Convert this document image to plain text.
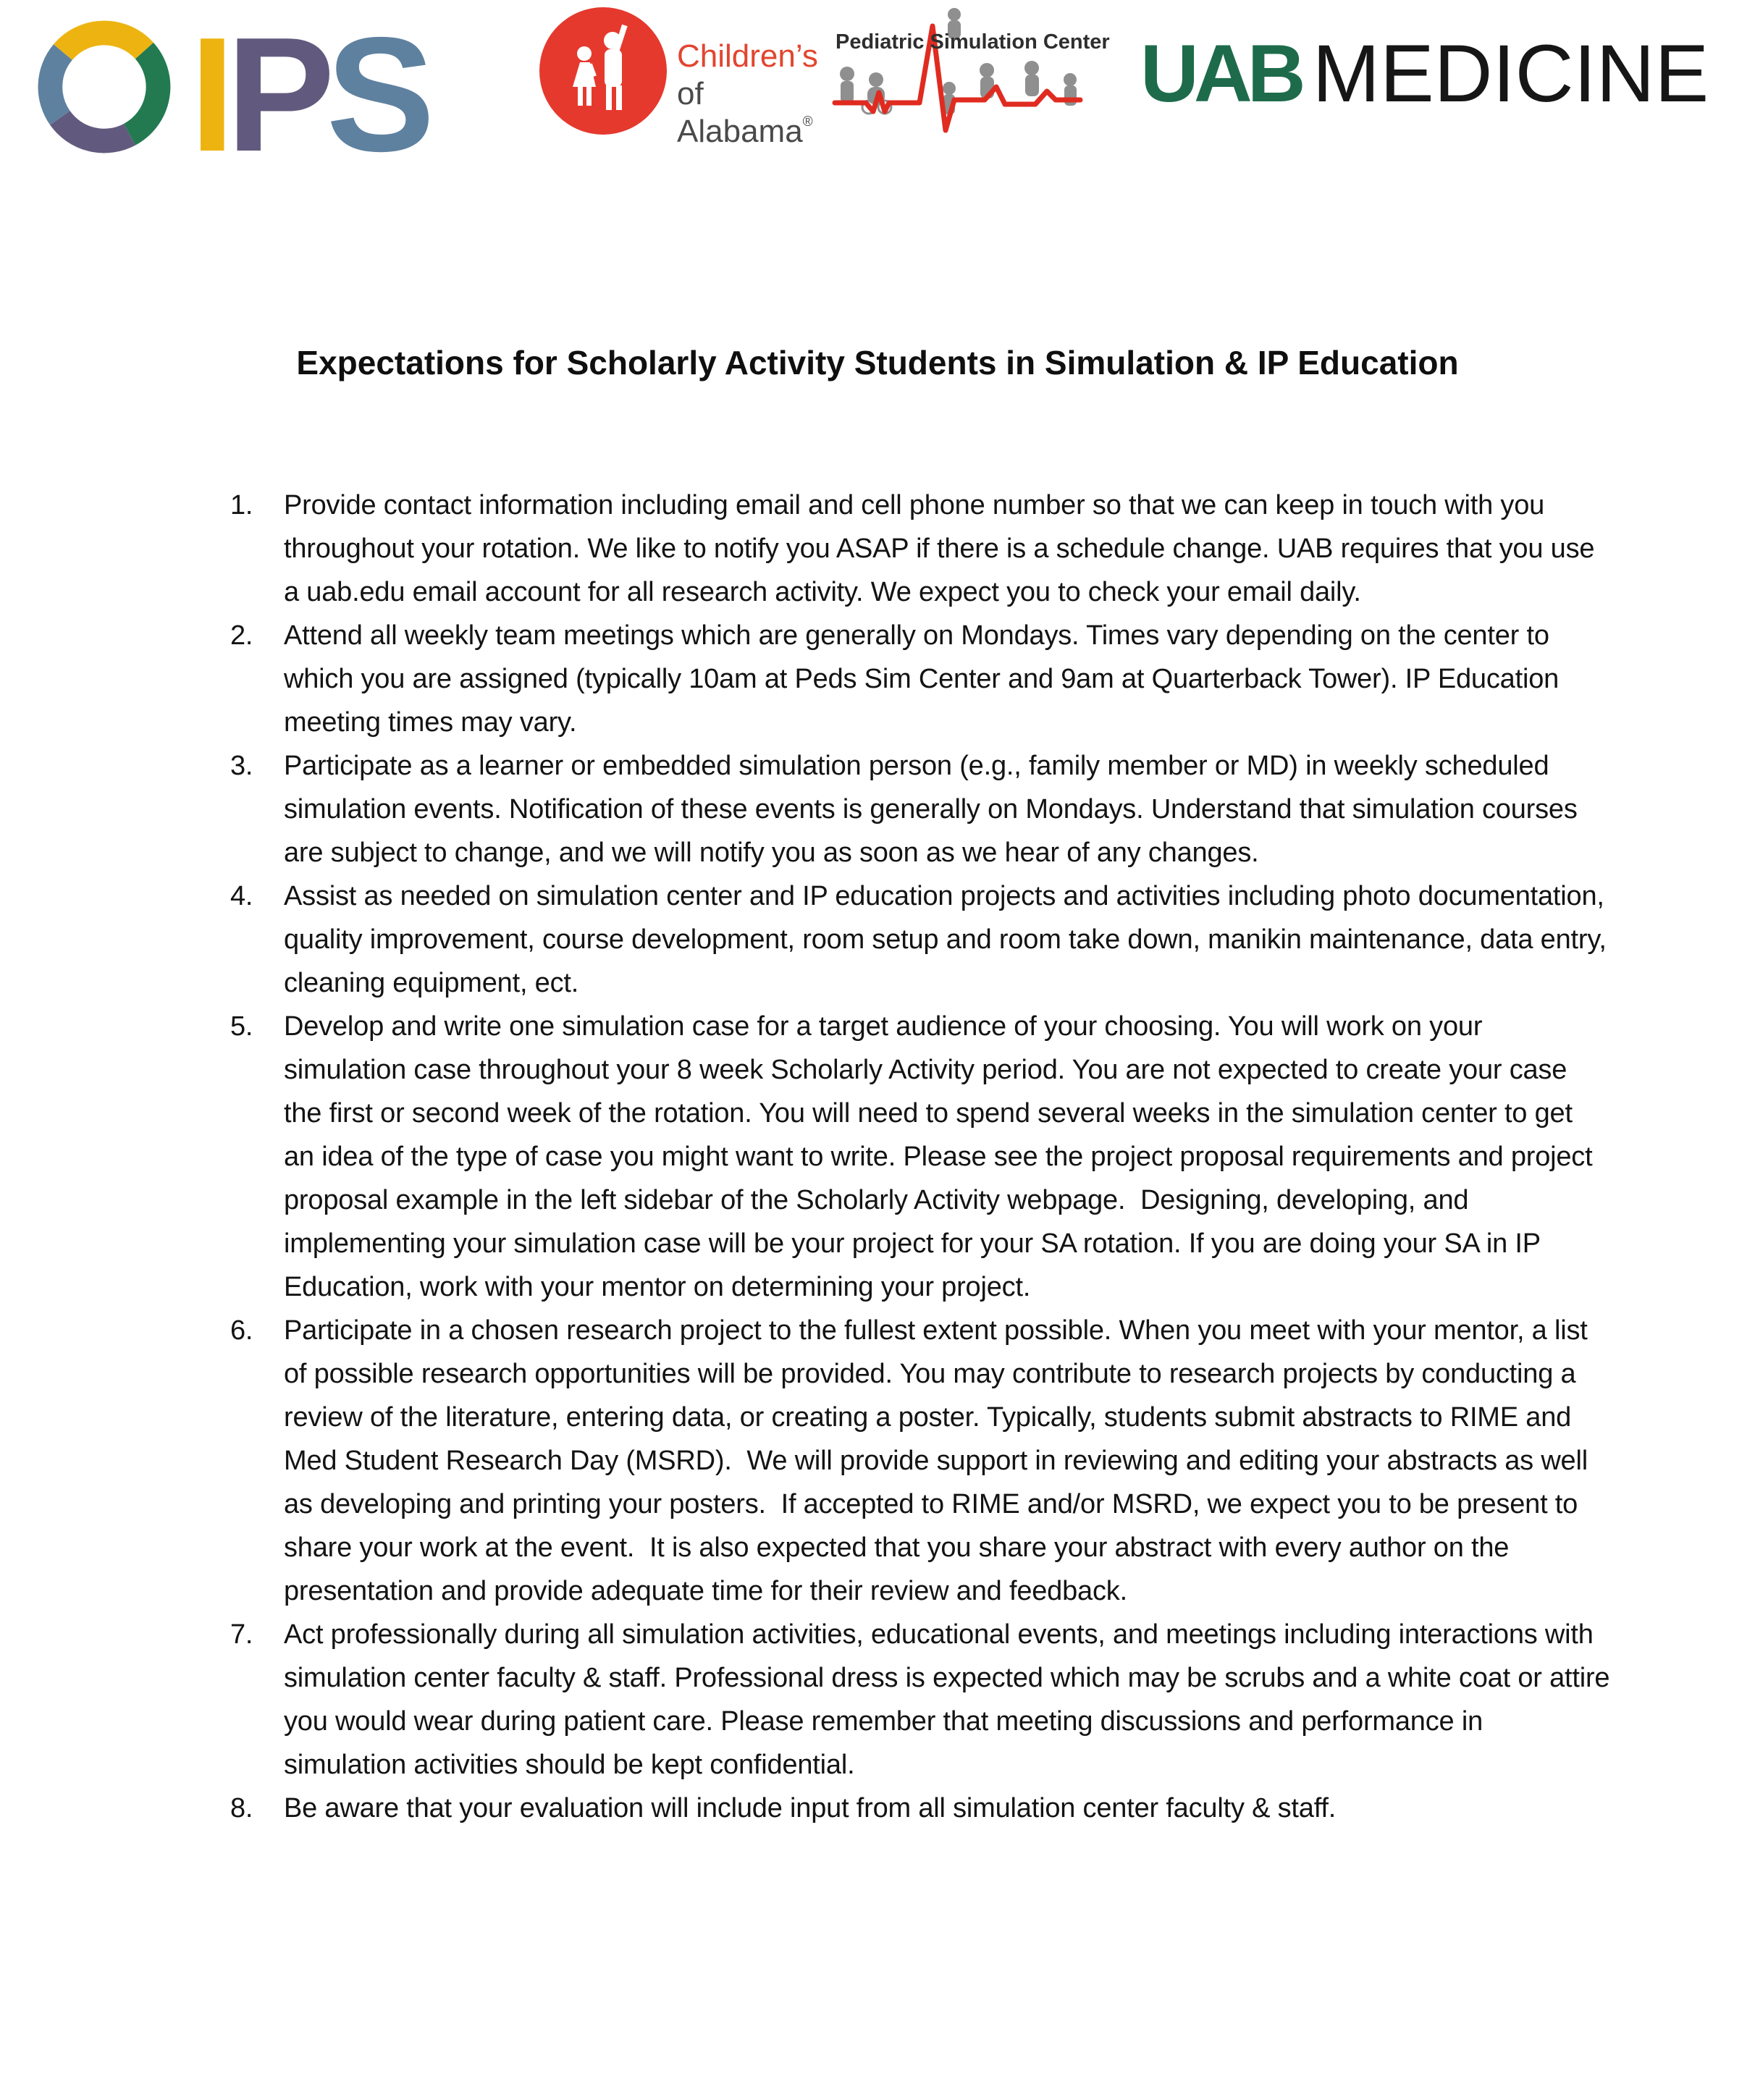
IPS	Children’s
of Alabama®
Pediatric Simulation Center UAB MEDICINE
Expectations for Scholarly Activity Students in Simulation & IP Education
1.	Provide contact information including email and cell phone number so that we can keep in touch with you throughout your rotation. We like to notify you ASAP if there is a schedule change. UAB requires that you use a uab.edu email account for all research activity. We expect you to check your email daily.
2.	Attend all weekly team meetings which are generally on Mondays. Times vary depending on the center to which you are assigned (typically 10am at Peds Sim Center and 9am at Quarterback Tower). IP Education meeting times may vary.
3.	Participate as a learner or embedded simulation person (e.g., family member or MD) in weekly scheduled simulation events. Notification of these events is generally on Mondays. Understand that simulation courses are subject to change, and we will notify you as soon as we hear of any changes.
4.	Assist as needed on simulation center and IP education projects and activities including photo documentation, quality improvement, course development, room setup and room take down, manikin maintenance, data entry, cleaning equipment, ect.
5.	Develop and write one simulation case for a target audience of your choosing. You will work on your simulation case throughout your 8 week Scholarly Activity period. You are not expected to create your case the first or second week of the rotation. You will need to spend several weeks in the simulation center to get an idea of the type of case you might want to write. Please see the project proposal requirements and project proposal example in the left sidebar of the Scholarly Activity webpage.  Designing, developing, and implementing your simulation case will be your project for your SA rotation. If you are doing your SA in IP Education, work with your mentor on determining your project.
6.	Participate in a chosen research project to the fullest extent possible. When you meet with your mentor, a list of possible research opportunities will be provided. You may contribute to research projects by conducting a review of the literature, entering data, or creating a poster. Typically, students submit abstracts to RIME and Med Student Research Day (MSRD).  We will provide support in reviewing and editing your abstracts as well as developing and printing your posters.  If accepted to RIME and/or MSRD, we expect you to be present to share your work at the event.  It is also expected that you share your abstract with every author on the presentation and provide adequate time for their review and feedback.
7.	Act professionally during all simulation activities, educational events, and meetings including interactions with simulation center faculty & staff. Professional dress is expected which may be scrubs and a white coat or attire you would wear during patient care. Please remember that meeting discussions and performance in simulation activities should be kept confidential.
8.	Be aware that your evaluation will include input from all simulation center faculty & staff.
